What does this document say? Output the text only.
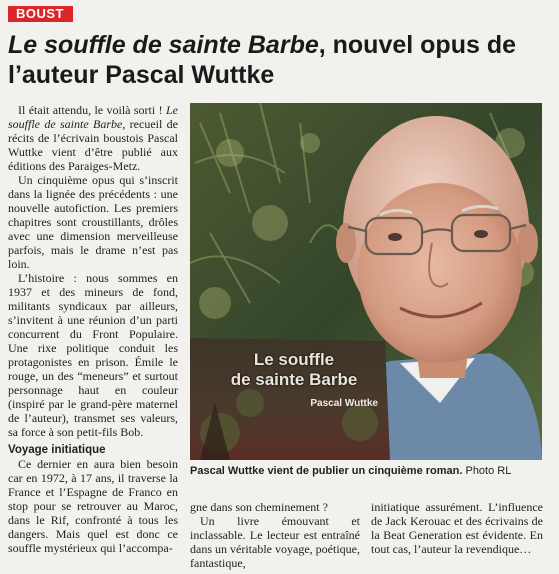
BOUST
Le souffle de sainte Barbe, nouvel opus de l’auteur Pascal Wuttke

Il était attendu, le voilà sorti ! Le souffle de sainte Barbe, recueil de récits de l’écrivain boustois Pascal Wuttke vient d’être publié aux éditions des Paraiges-Metz.

Un cinquième opus qui s’inscrit dans la lignée des précédents : une nouvelle autofiction. Les premiers chapitres sont croustillants, drôles avec une dimension merveilleuse parfois, mais le drame n’est pas loin.

L’histoire : nous sommes en 1937 et des mineurs de fond, militants syndicaux par ailleurs, s’invitent à une réunion d’un parti concurrent du Front Populaire. Une rixe politique conduit les protagonistes en prison. Émile le rouge, un des “meneurs” et surtout personnage haut en couleur (inspiré par le grand-père maternel de l’auteur), transmet ses valeurs, sa force à son petit-fils Bob.

Voyage initiatique

Ce dernier en aura bien besoin car en 1972, à 17 ans, il traverse la France et l’Espagne de Franco en stop pour se retrouver au Maroc, dans le Rif, confronté à tous les dangers. Mais quel est donc ce souffle mystérieux qui l’accompa-

Le souffle
de sainte Barbe
Pascal Wuttke
Pascal Wuttke vient de publier un cinquième roman. Photo RL

gne dans son cheminement ?

Un livre émouvant et inclassable. Le lecteur est entraîné dans un véritable voyage, poétique, fantastique,

initiatique assurément. L’influence de Jack Kerouac et des écrivains de la Beat Generation est évidente. En tout cas, l’auteur la revendique…
